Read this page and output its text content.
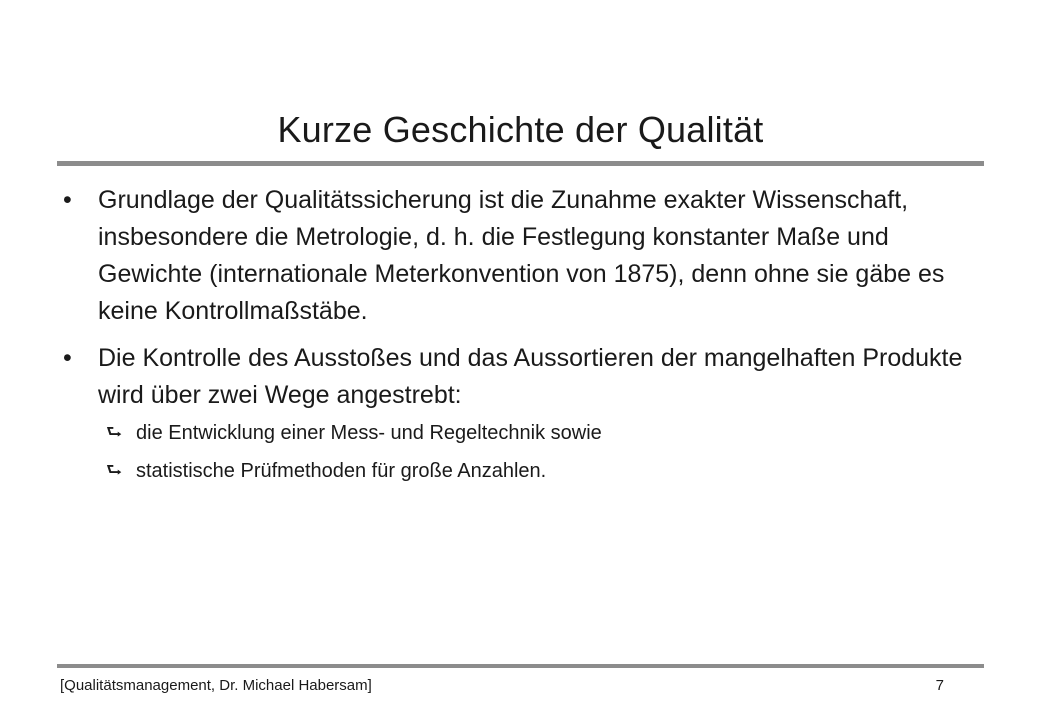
Kurze Geschichte der Qualität
•	Grundlage der Qualitätssicherung ist die Zunahme exakter Wissenschaft, insbesondere die Metrologie, d. h. die Festlegung konstanter Maße und Gewichte (internationale Meterkonvention von 1875), denn ohne sie gäbe es keine Kontrollmaßstäbe.
•	Die Kontrolle des Ausstoßes und das Aussortieren der mangelhaften Produkte wird über zwei Wege angestrebt:
⮑ die Entwicklung einer Mess- und Regeltechnik sowie
⮑ statistische Prüfmethoden für große Anzahlen.
[Qualitätsmanagement, Dr. Michael Habersam]	7
